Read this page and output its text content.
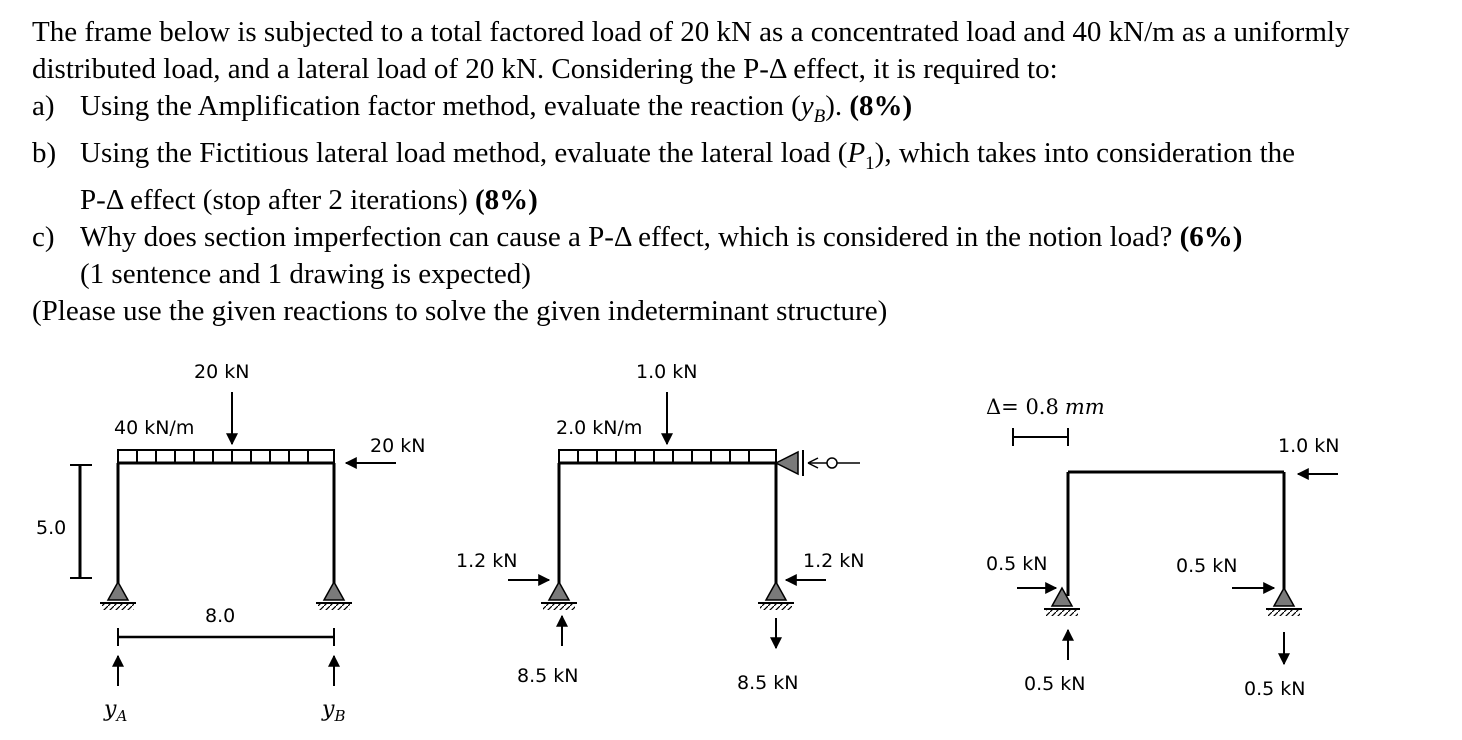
The frame below is subjected to a total factored load of 20 kN as a concentrated load and 40 kN/m as a uniformly
distributed load, and a lateral load of 20 kN. Considering the P-Δ effect, it is required to:
a) Using the Amplification factor method, evaluate the reaction $(y_B)$. (8%)
b) Using the Fictitious lateral load method, evaluate the lateral load $(P_1)$, which takes into consideration the
P-Δ effect (stop after 2 iterations) (8%)
c) Why does section imperfection can cause a P-Δ effect, which is considered in the notion load? (6%)
(1 sentence and 1 drawing is expected)
(Please use the given reactions to solve the given indeterminant structure)
40 kN/m
20 kN
20 kN
5.0
8.0
$y_A$	$y_B$
2.0 kN/m
1.0 kN
1.2 kN	1.2 kN
8.5 kN	8.5 kN
Δ= 0.8 mm
1.0 kN
0.5 kN	0.5 kN
0.5 kN	0.5 kN
